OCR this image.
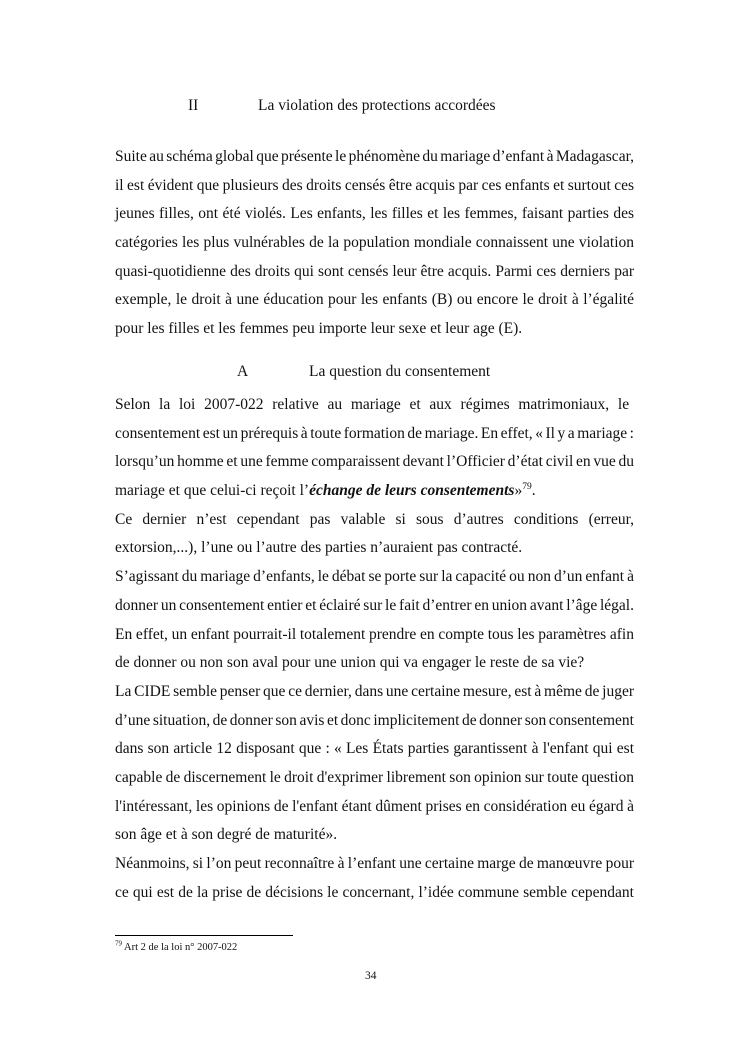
II	La violation des protections accordées
Suite au schéma global que présente le phénomène du mariage d’enfant à Madagascar,
il est évident que plusieurs des droits censés être acquis par ces enfants et surtout ces
jeunes filles, ont été violés. Les enfants, les filles et les femmes, faisant parties des
catégories les plus vulnérables de la population mondiale connaissent une violation
quasi-quotidienne des droits qui sont censés leur être acquis. Parmi ces derniers par
exemple, le droit à une éducation pour les enfants (B) ou encore le droit à l’égalité
pour les filles et les femmes peu importe leur sexe et leur age (E).
A	La question du consentement
Selon la loi 2007-022 relative au mariage et aux régimes matrimoniaux, le
consentement est un prérequis à toute formation de mariage. En effet, « Il y a mariage :
lorsqu’un homme et une femme comparaissent devant l’Officier d’état civil en vue du
mariage et que celui-ci reçoit l’échange de leurs consentements»$^{79}$.
Ce dernier n’est cependant pas valable si sous d’autres conditions (erreur,
extorsion,...), l’une ou l’autre des parties n’auraient pas contracté.
S’agissant du mariage d’enfants, le débat se porte sur la capacité ou non d’un enfant à
donner un consentement entier et éclairé sur le fait d’entrer en union avant l’âge légal.
En effet, un enfant pourrait-il totalement prendre en compte tous les paramètres afin
de donner ou non son aval pour une union qui va engager le reste de sa vie?
La CIDE semble penser que ce dernier, dans une certaine mesure, est à même de juger
d’une situation, de donner son avis et donc implicitement de donner son consentement
dans son article 12 disposant que : « Les États parties garantissent à l'enfant qui est
capable de discernement le droit d'exprimer librement son opinion sur toute question
l'intéressant, les opinions de l'enfant étant dûment prises en considération eu égard à
son âge et à son degré de maturité».
Néanmoins, si l’on peut reconnaître à l’enfant une certaine marge de manœuvre pour
ce qui est de la prise de décisions le concernant, l’idée commune semble cependant
$^{79}$ Art 2 de la loi n° 2007-022
34
